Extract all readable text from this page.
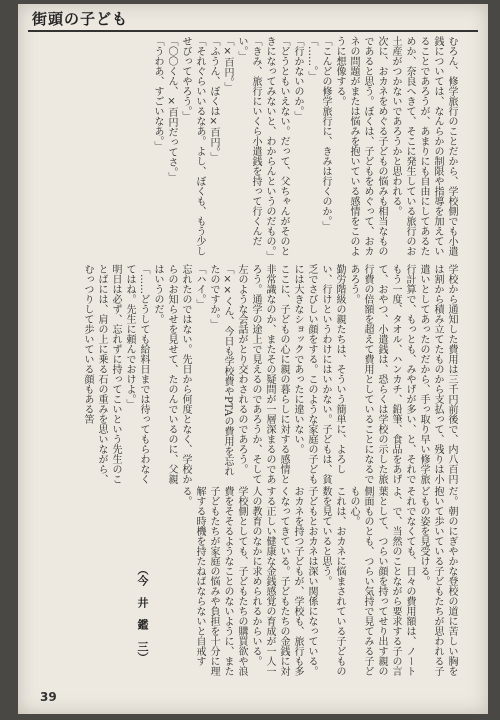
街頭の子ども

むろん、修学旅行のことだから、学校側でも小遣銭については、なんらかの制限や指導を加えていることであろうが、あまりにも自由にしてあるためか、奈良へきて、そこに発生している旅行のお土産がつかないであろうかと思われる。

次に、おカネをめぐる子どもの悩みも相当なものであると思う。ぼくは、子どもをめぐって、おカネの問題がまたは悩みを抱いている感情をこのように想像する。

「こんどの修学旅行に、きみは行くのか。」

「……。」

「行かないのか。」

「どうともいえない。だって、父ちゃんがそのときになってみないと、わからんというのだもの。」

「きみ、旅行にいくら小遣銭を持って行くんだい。」

「×百円。」

「ふうん、ぼくは×百円。」

「それぐらいいるなあ。よし、ぼくも、もう少しせびってやろう。」

「〇〇くん、×百円だってさ。」

「うわあ、すごいなあ。」

学校から通知した費用は三千円前後で、内八百円は割から積み立てたものから支払って、残りは小遣いとしてあったのだから、手っ取り早い修学旅行計算で、もっとも、みやげが多い、と、それでもう一度、タオル、ハンカチ、鉛筆、食品をあげて、おやつ、小遣銭は、恐らくは学校の示した旅行費の倍額を超えて費用としていることになるであろう。

勤労階級の親たちは、そういう簡単に、よろしい、行けというわけにはいかない。子どもは、貧乏でさびしい顔をする。このような家庭の子どもには大きなショックであったに違いない。

ここに、子どもの心に親の暮らしに対する感情と非常識なのか、またその疑問が一層深まるのであろう。通学の途上で見えるのであろうか、そして左のような会話がとり交わされるのであろう。

「××くん、今日も学校費やPTAの費用を忘れたのですか。」

「ハイ。」

忘れたのではない。先日から何度となく、学校からのお知らせを見せて、たのんでいるのに、父親はいうのだ。

「……どうしても給料日までは待ってもらわなくてはね。先生に頼んでおけよ。」

明日は必ず、忘れずに持ってこいという先生のことばには、肩の上に乗る石の重みを思いながら、むっつりして歩いている顔もある筈

だ。朝のにぎやかな登校の道に苦しい胸を抱いて歩いている子どもたちが思われる子どもの姿を見受ける。

それでなくても、日々の費用額は、ノートよ、で、当然のことながら要求する子の言葉として、つらい顔を持ってせり出す親の側面ものとも、つらい気持で見てみる子どもの心。

これは、おカネに悩まされている子どもの数を見ていると思う。

子どもとおカネは深い関係になっている。おカネを持つ子どもが、学校も、旅行も多くなってきている。子どもたちの金銭に対する正しい健康な金銭感覚の育成が一人一人の教育のなかに求められるからいる。

学校側としても、子どもたちの購買欲や浪費をそそるようなことのないように、また子どもたちが家庭の悩みや負担を十分に理解する時機を持たねばならないと自戒する。

（今　井　鑑　三）
39
